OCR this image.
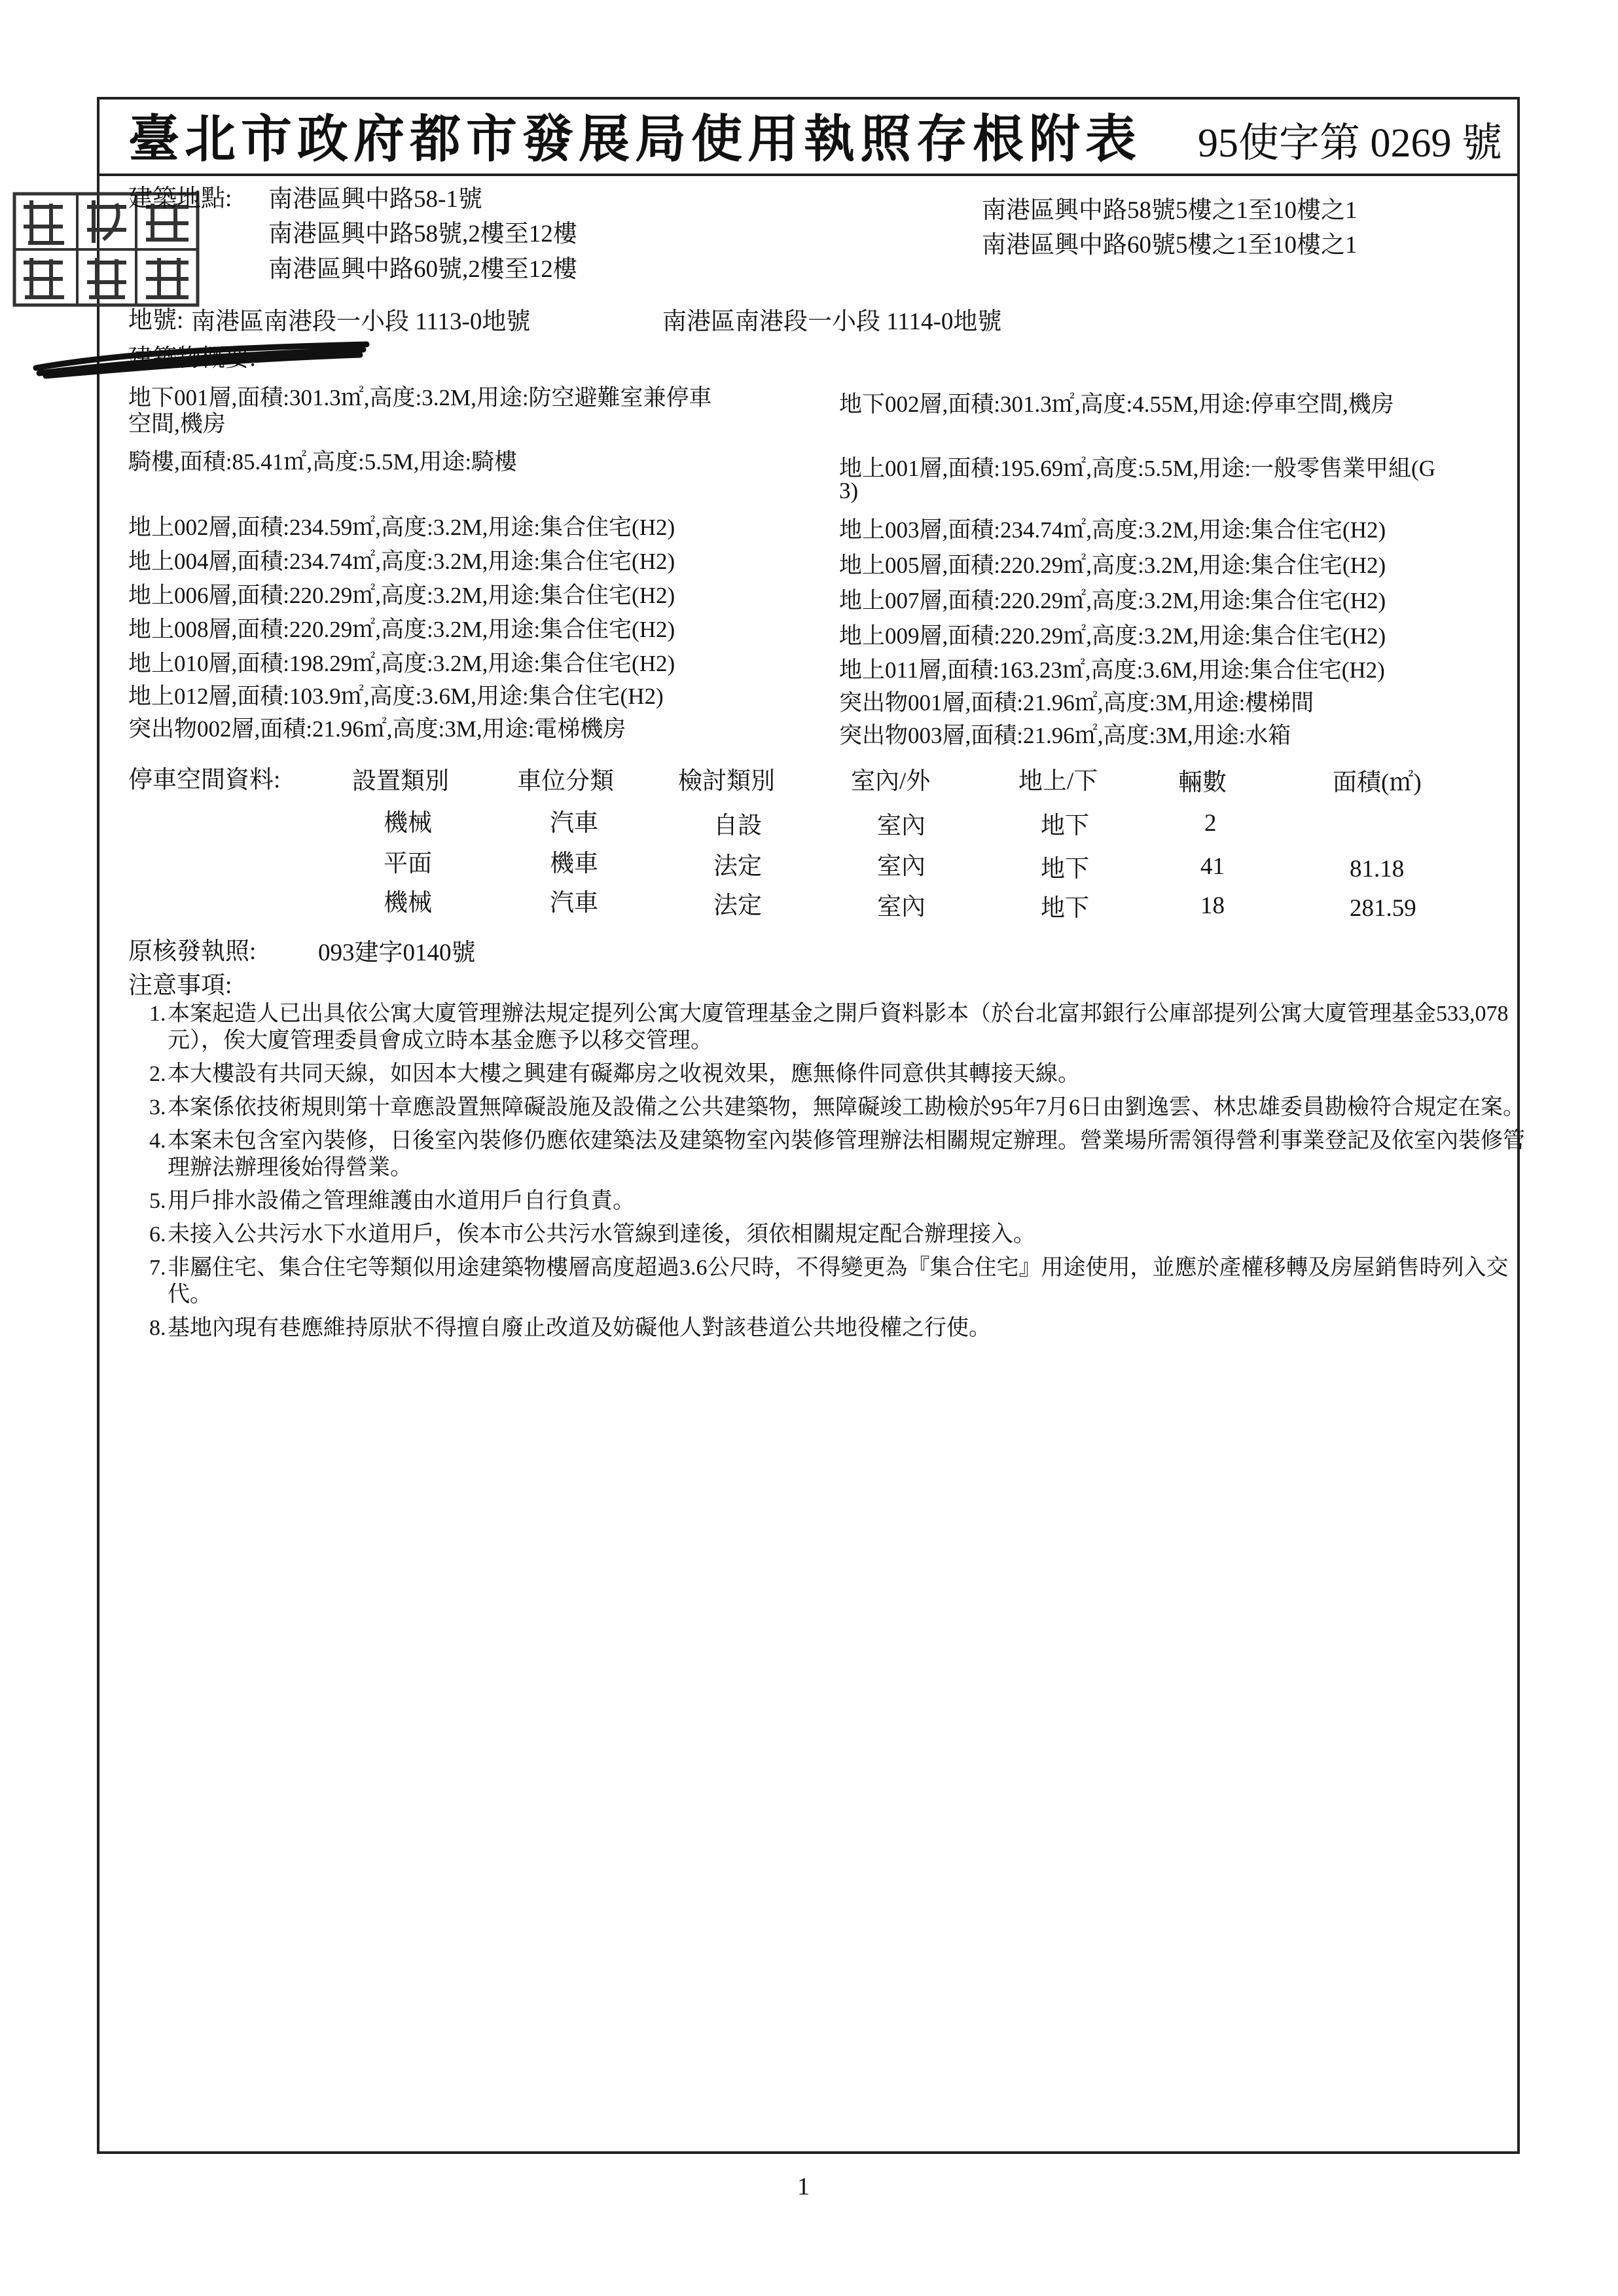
臺北市政府都市發展局使用執照存根附表 95使字第 0269 號
建築地點: 南港區興中路58-1號
南港區興中路58號,2樓至12樓
南港區興中路60號,2樓至12樓
南港區興中路58號5樓之1至10樓之1
南港區興中路60號5樓之1至10樓之1
地號: 南港區南港段一小段 1113-0地號	南港區南港段一小段 1114-0地號
建築物概要:
地下001層,面積:301.3㎡,高度:3.2M,用途:防空避難室兼停車
空間,機房
騎樓,面積:85.41㎡,高度:5.5M,用途:騎樓
地上002層,面積:234.59㎡,高度:3.2M,用途:集合住宅(H2)
地上004層,面積:234.74㎡,高度:3.2M,用途:集合住宅(H2)
地上006層,面積:220.29㎡,高度:3.2M,用途:集合住宅(H2)
地上008層,面積:220.29㎡,高度:3.2M,用途:集合住宅(H2)
地上010層,面積:198.29㎡,高度:3.2M,用途:集合住宅(H2)
地上012層,面積:103.9㎡,高度:3.6M,用途:集合住宅(H2)
突出物002層,面積:21.96㎡,高度:3M,用途:電梯機房
地下002層,面積:301.3㎡,高度:4.55M,用途:停車空間,機房
地上001層,面積:195.69㎡,高度:5.5M,用途:一般零售業甲組(G
3)
地上003層,面積:234.74㎡,高度:3.2M,用途:集合住宅(H2)
地上005層,面積:220.29㎡,高度:3.2M,用途:集合住宅(H2)
地上007層,面積:220.29㎡,高度:3.2M,用途:集合住宅(H2)
地上009層,面積:220.29㎡,高度:3.2M,用途:集合住宅(H2)
地上011層,面積:163.23㎡,高度:3.6M,用途:集合住宅(H2)
突出物001層,面積:21.96㎡,高度:3M,用途:樓梯間
突出物003層,面積:21.96㎡,高度:3M,用途:水箱
停車空間資料:	設置類別	車位分類	檢討類別	室內/外	地上/下	輛數	面積(㎡)
機械	汽車	自設	室內	地下	2
平面	機車	法定	室內	地下	41	81.18
機械	汽車	法定	室內	地下	18	281.59
原核發執照:	093建字0140號
注意事項:
1. 本案起造人已出具依公寓大廈管理辦法規定提列公寓大廈管理基金之開戶資料影本（於台北富邦銀行公庫部提列公寓大廈管理基金533,078元），俟大廈管理委員會成立時本基金應予以移交管理。
2. 本大樓設有共同天線，如因本大樓之興建有礙鄰房之收視效果，應無條件同意供其轉接天線。
3. 本案係依技術規則第十章應設置無障礙設施及設備之公共建築物，無障礙竣工勘檢於95年7月6日由劉逸雲、林忠雄委員勘檢符合規定在案。
4. 本案未包含室內裝修，日後室內裝修仍應依建築法及建築物室內裝修管理辦法相關規定辦理。營業場所需領得營利事業登記及依室內裝修管理辦法辦理後始得營業。
5. 用戶排水設備之管理維護由水道用戶自行負責。
6. 未接入公共污水下水道用戶，俟本市公共污水管線到達後，須依相關規定配合辦理接入。
7. 非屬住宅、集合住宅等類似用途建築物樓層高度超過3.6公尺時，不得變更為『集合住宅』用途使用，並應於產權移轉及房屋銷售時列入交代。
8. 基地內現有巷應維持原狀不得擅自廢止改道及妨礙他人對該巷道公共地役權之行使。
1
